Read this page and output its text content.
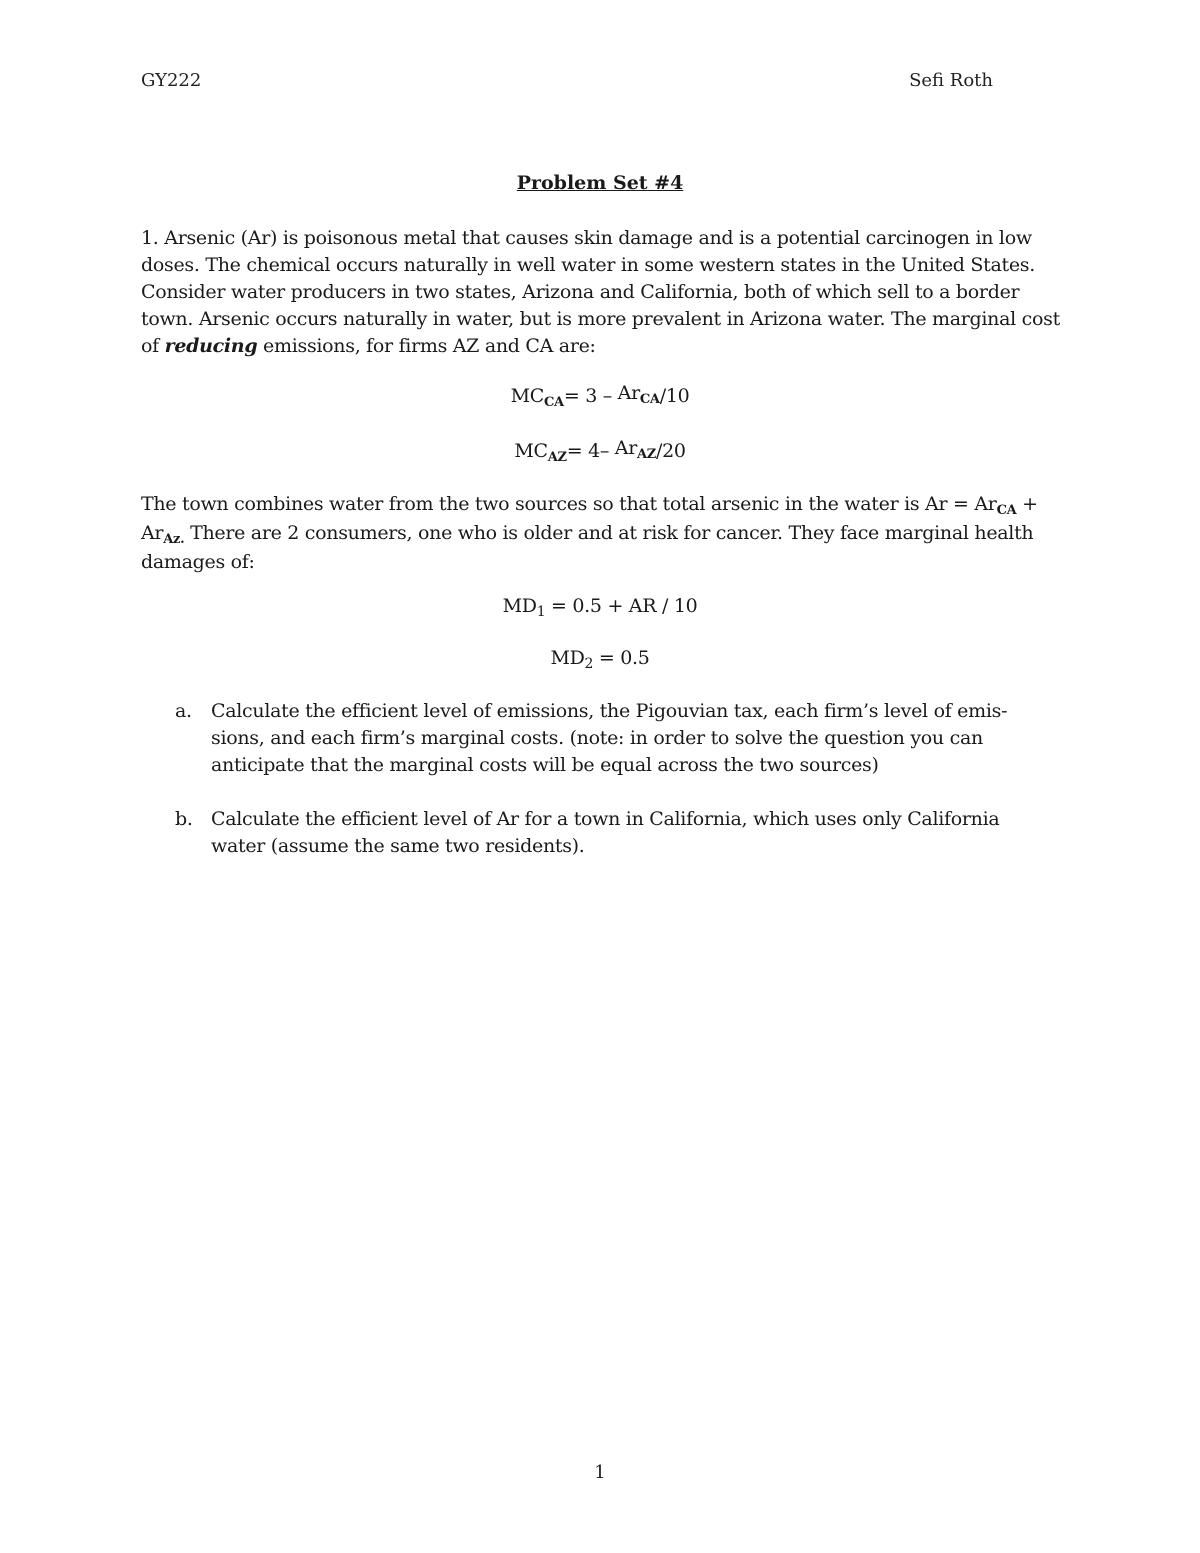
GY222	Sefi Roth
Problem Set #4
1. Arsenic (Ar) is poisonous metal that causes skin damage and is a potential carcinogen in low doses. The chemical occurs naturally in well water in some western states in the United States. Consider water producers in two states, Arizona and California, both of which sell to a border town. Arsenic occurs naturally in water, but is more prevalent in Arizona water. The marginal cost of reducing emissions, for firms AZ and CA are:
$MC_{CA}= 3 - Ar_{CA}/10$
$MC_{AZ}= 4-$ $Ar_{AZ}/20$
The town combines water from the two sources so that total arsenic in the water is $Ar = Ar_{CA} + Ar_{Az.}$ There are 2 consumers, one who is older and at risk for cancer. They face marginal health damages of:
$MD_1 = 0.5$ + AR / 10
$MD_2 = 0.5$
a. Calculate the efficient level of emissions, the Pigouvian tax, each firm’s level of emis-sions, and each firm’s marginal costs. (note: in order to solve the question you can anticipate that the marginal costs will be equal across the two sources)
b. Calculate the efficient level of Ar for a town in California, which uses only California water (assume the same two residents).
1
